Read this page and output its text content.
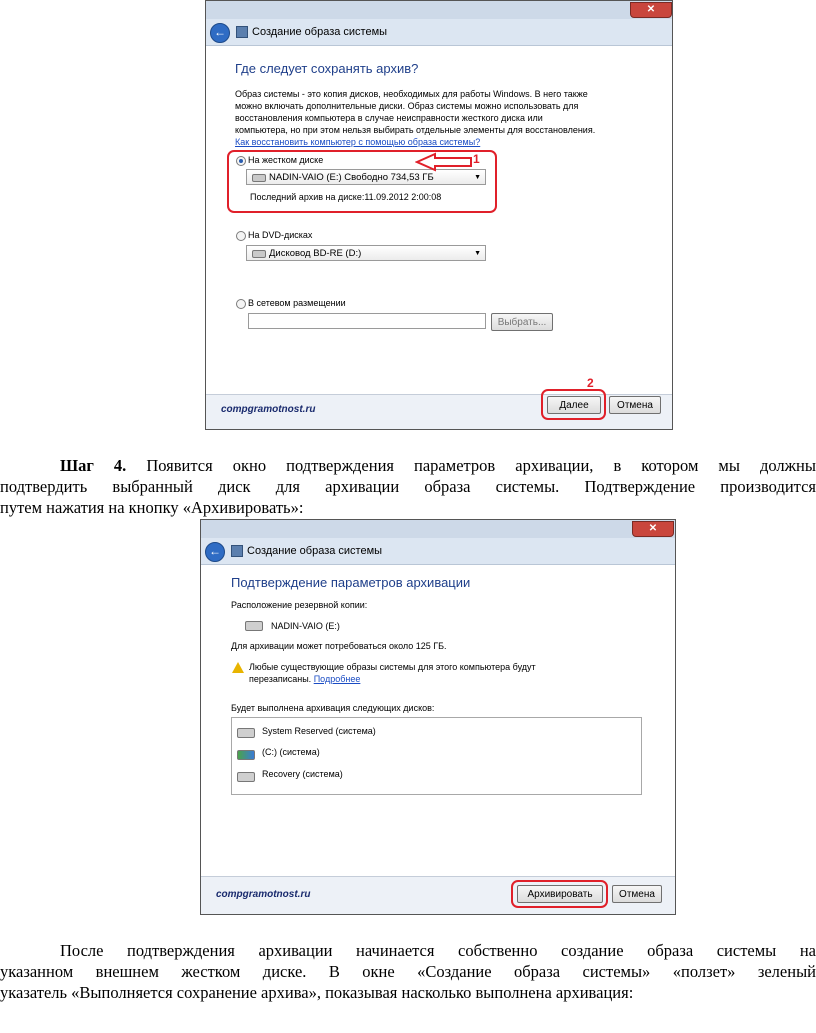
✕
←	Создание образа системы
Где следует сохранять архив?
Образ системы - это копия дисков, необходимых для работы Windows. В него также
можно включать дополнительные диски. Образ системы можно использовать для
восстановления компьютера в случае неисправности жесткого диска или
компьютера, но при этом нельзя выбирать отдельные элементы для восстановления.
Как восстановить компьютер с помощью образа системы?
На жестком диске
NADIN-VAIO (E:) Свободно 734,53 ГБ	▼
Последний архив на диске:11.09.2012 2:00:08
На DVD-дисках
Дисковод BD-RE (D:)	▼
В сетевом размещении
Выбрать...
1
compgramotnost.ru
2
Далее	Отмена
Шаг 4. Появится окно подтверждения параметров архивации, в котором мы должны
подтвердить выбранный диск для архивации образа системы. Подтверждение производится
путем нажатия на кнопку «Архивировать»:
✕
←	Создание образа системы
Подтверждение параметров архивации
Расположение резервной копии:
NADIN-VAIO (E:)
Для архивации может потребоваться около 125 ГБ.
Любые существующие образы системы для этого компьютера будут
перезаписаны. Подробнее
Будет выполнена архивация следующих дисков:
System Reserved (система)
(C:) (система)
Recovery (система)
compgramotnost.ru	Архивировать	Отмена
После подтверждения архивации начинается собственно создание образа системы на
указанном внешнем жестком диске. В окне «Создание образа системы» «ползет» зеленый
указатель «Выполняется сохранение архива», показывая насколько выполнена архивация:
